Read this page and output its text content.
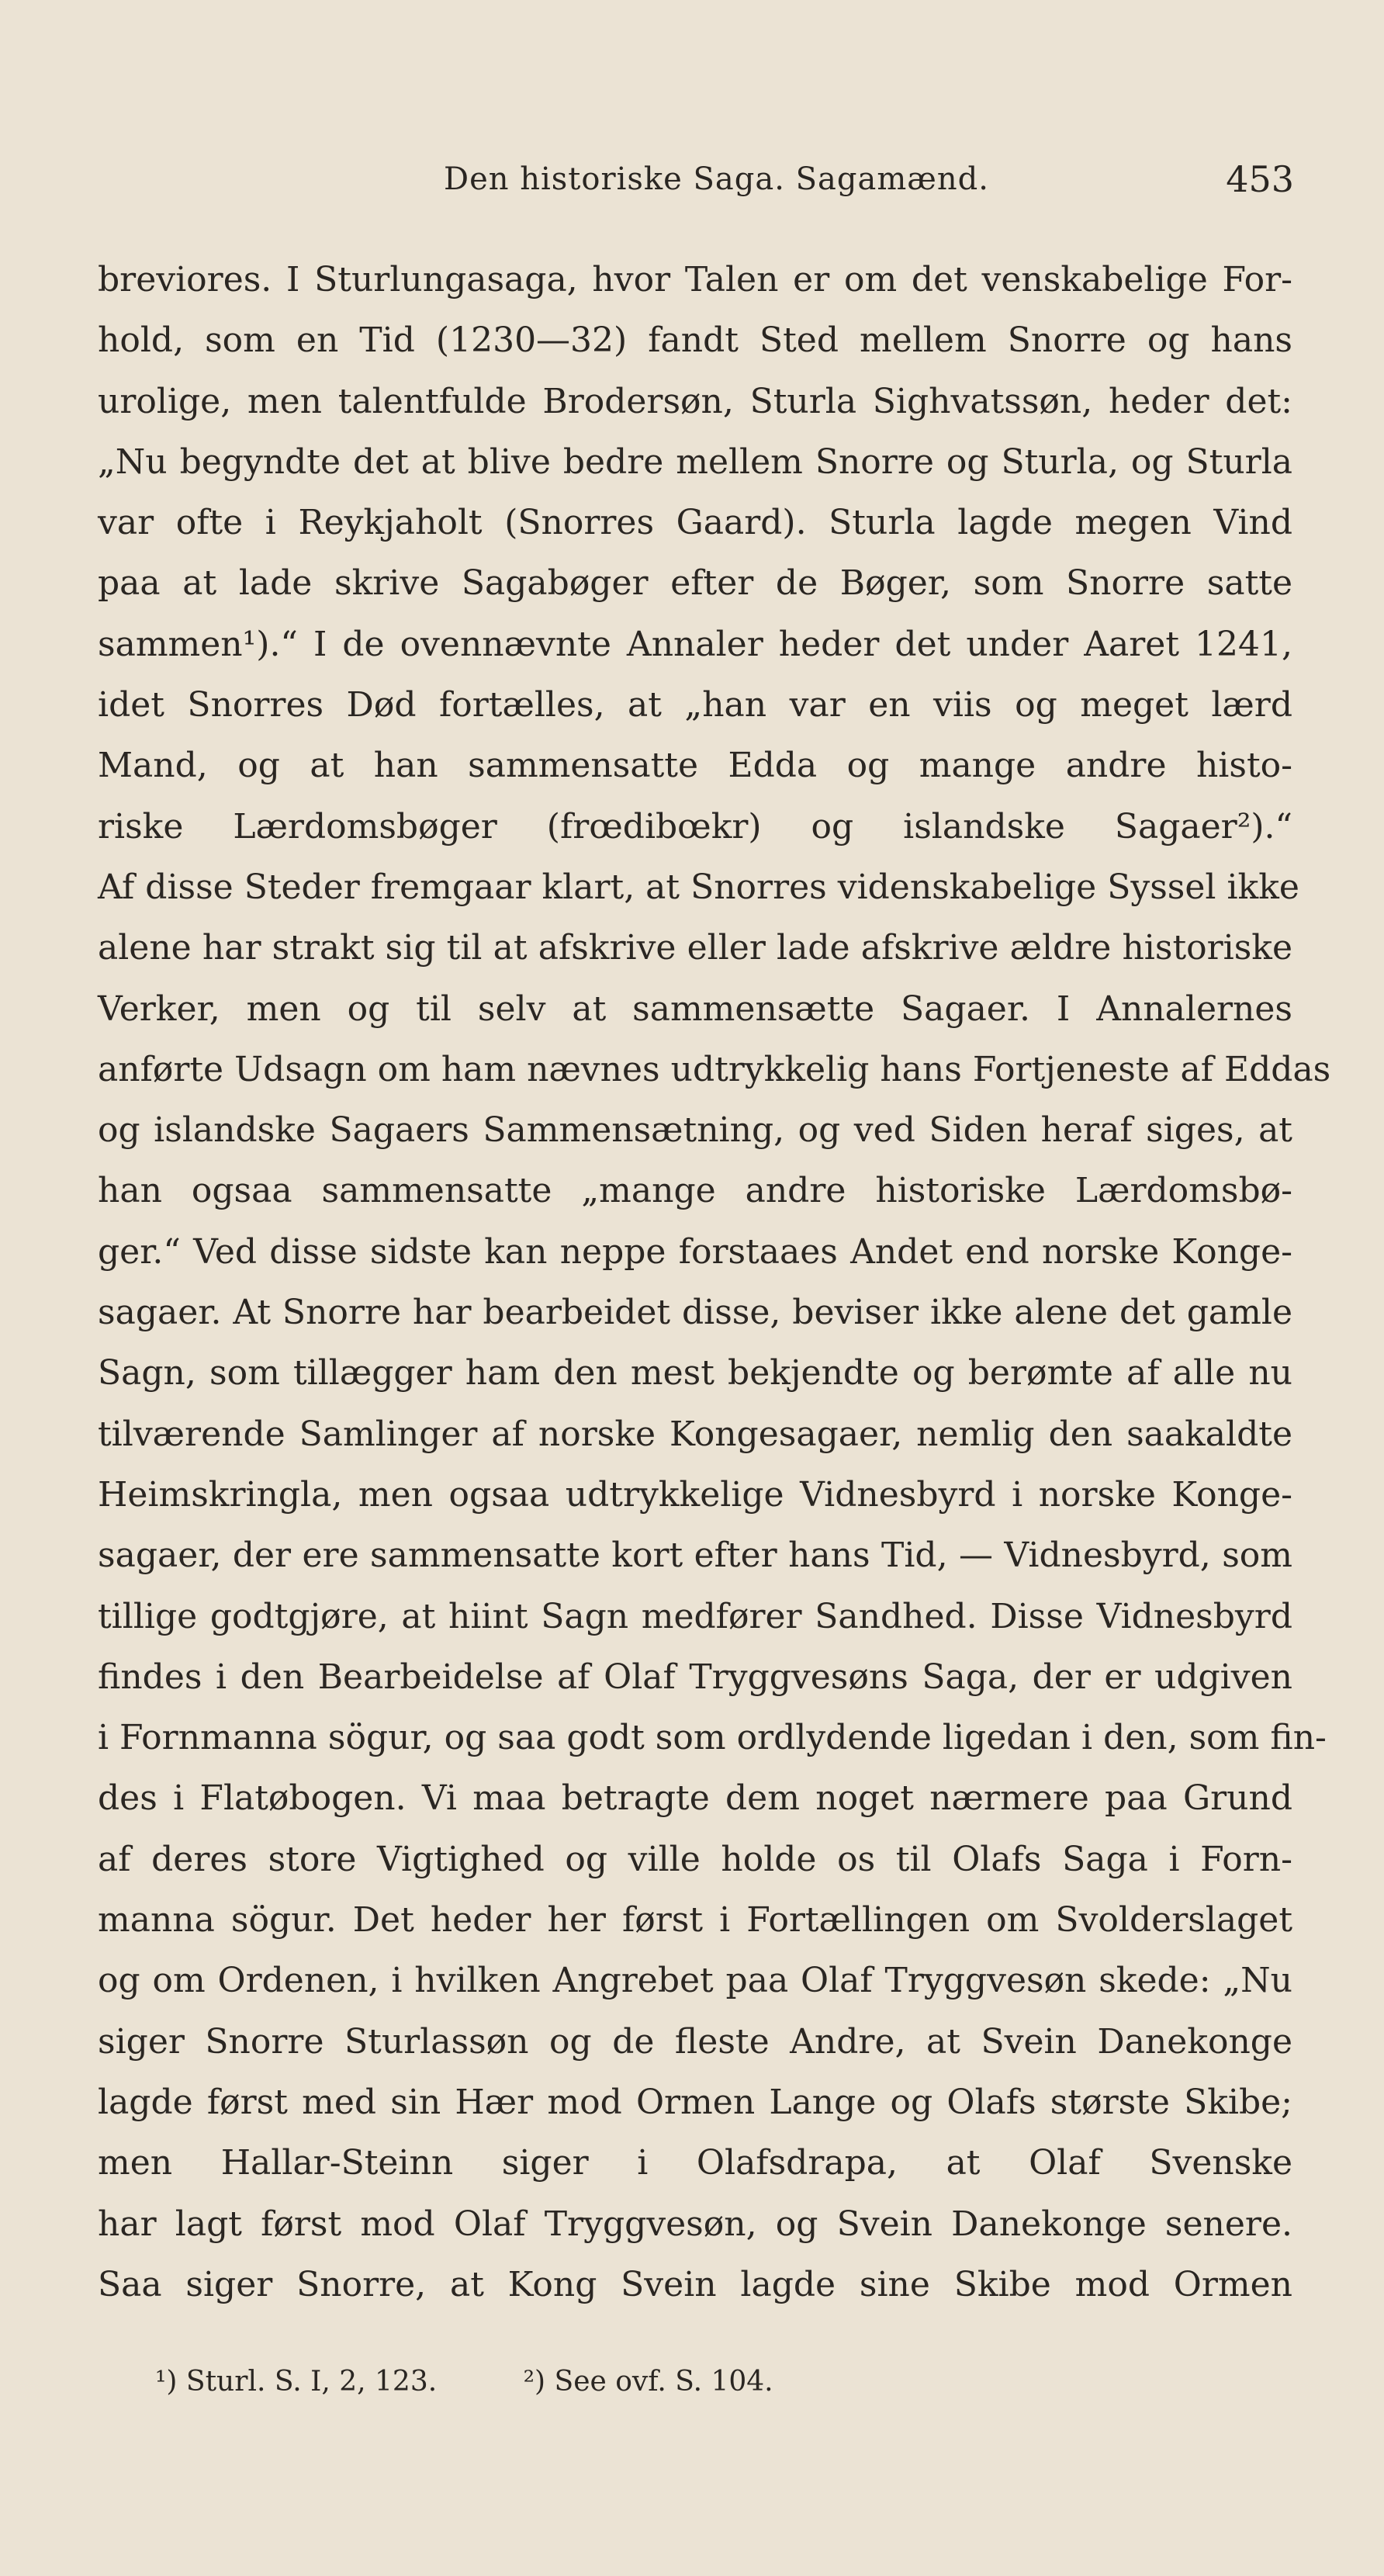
Den historiske Saga. Sagamænd.	453
breviores. I Sturlungasaga, hvor Talen er om det venskabelige For-
hold, som en Tid (1230—32) fandt Sted mellem Snorre og hans
urolige, men talentfulde Brodersøn, Sturla Sighvatssøn, heder det:
„Nu begyndte det at blive bedre mellem Snorre og Sturla, og Sturla
var ofte i Reykjaholt (Snorres Gaard). Sturla lagde megen Vind
paa at lade skrive Sagabøger efter de Bøger, som Snorre satte
sammen¹).“ I de ovennævnte Annaler heder det under Aaret 1241,
idet Snorres Død fortælles, at „han var en viis og meget lærd
Mand, og at han sammensatte Edda og mange andre histo-
riske Lærdomsbøger (frœdibœkr) og islandske Sagaer²).“
Af disse Steder fremgaar klart, at Snorres videnskabelige Syssel ikke
alene har strakt sig til at afskrive eller lade afskrive ældre historiske
Verker, men og til selv at sammensætte Sagaer. I Annalernes
anførte Udsagn om ham nævnes udtrykkelig hans Fortjeneste af Eddas
og islandske Sagaers Sammensætning, og ved Siden heraf siges, at
han ogsaa sammensatte „mange andre historiske Lærdomsbø-
ger.“ Ved disse sidste kan neppe forstaaes Andet end norske Konge-
sagaer. At Snorre har bearbeidet disse, beviser ikke alene det gamle
Sagn, som tillægger ham den mest bekjendte og berømte af alle nu
tilværende Samlinger af norske Kongesagaer, nemlig den saakaldte
Heimskringla, men ogsaa udtrykkelige Vidnesbyrd i norske Konge-
sagaer, der ere sammensatte kort efter hans Tid, — Vidnesbyrd, som
tillige godtgjøre, at hiint Sagn medfører Sandhed. Disse Vidnesbyrd
findes i den Bearbeidelse af Olaf Tryggvesøns Saga, der er udgiven
i Fornmanna sögur, og saa godt som ordlydende ligedan i den, som fin-
des i Flatøbogen. Vi maa betragte dem noget nærmere paa Grund
af deres store Vigtighed og ville holde os til Olafs Saga i Forn-
manna sögur. Det heder her først i Fortællingen om Svolderslaget
og om Ordenen, i hvilken Angrebet paa Olaf Tryggvesøn skede: „Nu
siger Snorre Sturlassøn og de fleste Andre, at Svein Danekonge
lagde først med sin Hær mod Ormen Lange og Olafs største Skibe;
men Hallar-Steinn siger i Olafsdrapa, at Olaf Svenske
har lagt først mod Olaf Tryggvesøn, og Svein Danekonge senere.
Saa siger Snorre, at Kong Svein lagde sine Skibe mod Ormen
¹) Sturl. S. I, 2, 123.	²) See ovf. S. 104.
